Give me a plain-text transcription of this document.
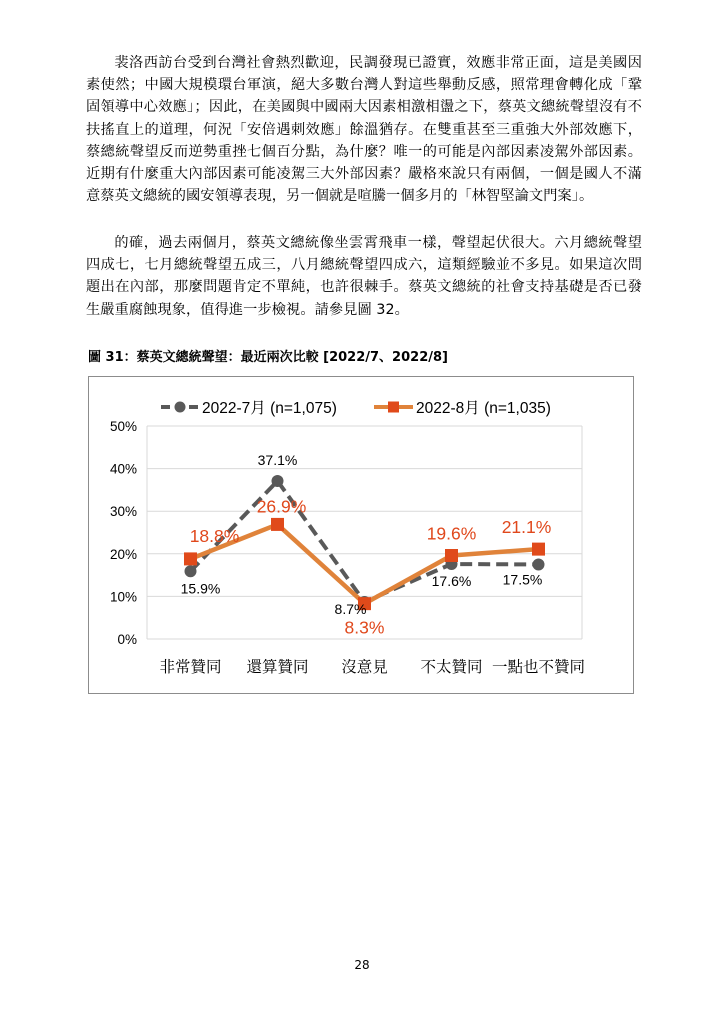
裴洛西訪台受到台灣社會熱烈歡迎，民調發現已證實，效應非常正面，這是美國因素使然；中國大規模環台軍演，絕大多數台灣人對這些舉動反感，照常理會轉化成「鞏固領導中心效應」；因此，在美國與中國兩大因素相激相盪之下，蔡英文總統聲望沒有不扶搖直上的道理，何況「安倍遇刺效應」餘溫猶存。在雙重甚至三重強大外部效應下，蔡總統聲望反而逆勢重挫七個百分點，為什麼？唯一的可能是內部因素凌駕外部因素。近期有什麼重大內部因素可能凌駕三大外部因素？嚴格來說只有兩個，一個是國人不滿意蔡英文總統的國安領導表現，另一個就是喧騰一個多月的「林智堅論文門案」。

的確，過去兩個月，蔡英文總統像坐雲霄飛車一樣，聲望起伏很大。六月總統聲望四成七，七月總統聲望五成三，八月總統聲望四成六，這類經驗並不多見。如果這次問題出在內部，那麼問題肯定不單純，也許很棘手。蔡英文總統的社會支持基礎是否已發生嚴重腐蝕現象，值得進一步檢視。請參見圖 32。

圖 31：蔡英文總統聲望：最近兩次比較 [2022/7、2022/8]
0%
10%
20%
30%
40%
50%
非常贊同 還算贊同 沒意見 不太贊同 一點也不贊同
2022-7月 (n=1,075)	2022-8月 (n=1,035)
15.9%
37.1%
8.7%
17.6% 17.5%
18.8%
26.9%
8.3%
19.6% 21.1%
28
